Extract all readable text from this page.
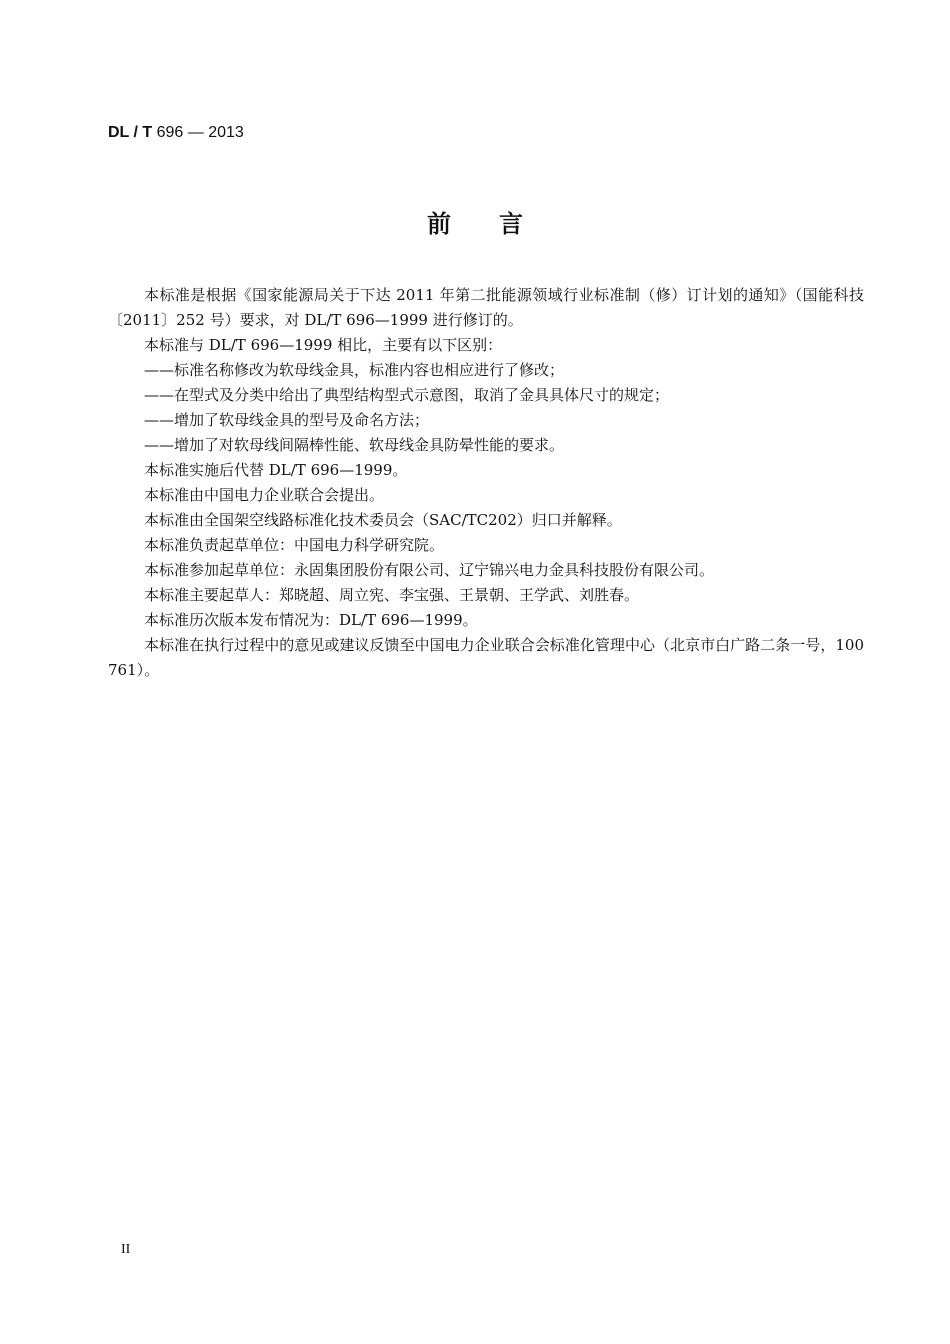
DL / T 696 — 2013
前 言

本标准是根据《国家能源局关于下达 2011 年第二批能源领域行业标准制（修）订计划的通知》（国能科技〔2011〕252 号）要求，对 DL/T 696—1999 进行修订的。

本标准与 DL/T 696—1999 相比，主要有以下区别：

——标准名称修改为软母线金具，标准内容也相应进行了修改；

——在型式及分类中给出了典型结构型式示意图，取消了金具具体尺寸的规定；

——增加了软母线金具的型号及命名方法；

——增加了对软母线间隔棒性能、软母线金具防晕性能的要求。

本标准实施后代替 DL/T 696—1999。

本标准由中国电力企业联合会提出。

本标准由全国架空线路标准化技术委员会（SAC/TC202）归口并解释。

本标准负责起草单位：中国电力科学研究院。

本标准参加起草单位：永固集团股份有限公司、辽宁锦兴电力金具科技股份有限公司。

本标准主要起草人：郑晓超、周立宪、李宝强、王景朝、王学武、刘胜春。

本标准历次版本发布情况为：DL/T 696—1999。

本标准在执行过程中的意见或建议反馈至中国电力企业联合会标准化管理中心（北京市白广路二条一号，100761）。

II
